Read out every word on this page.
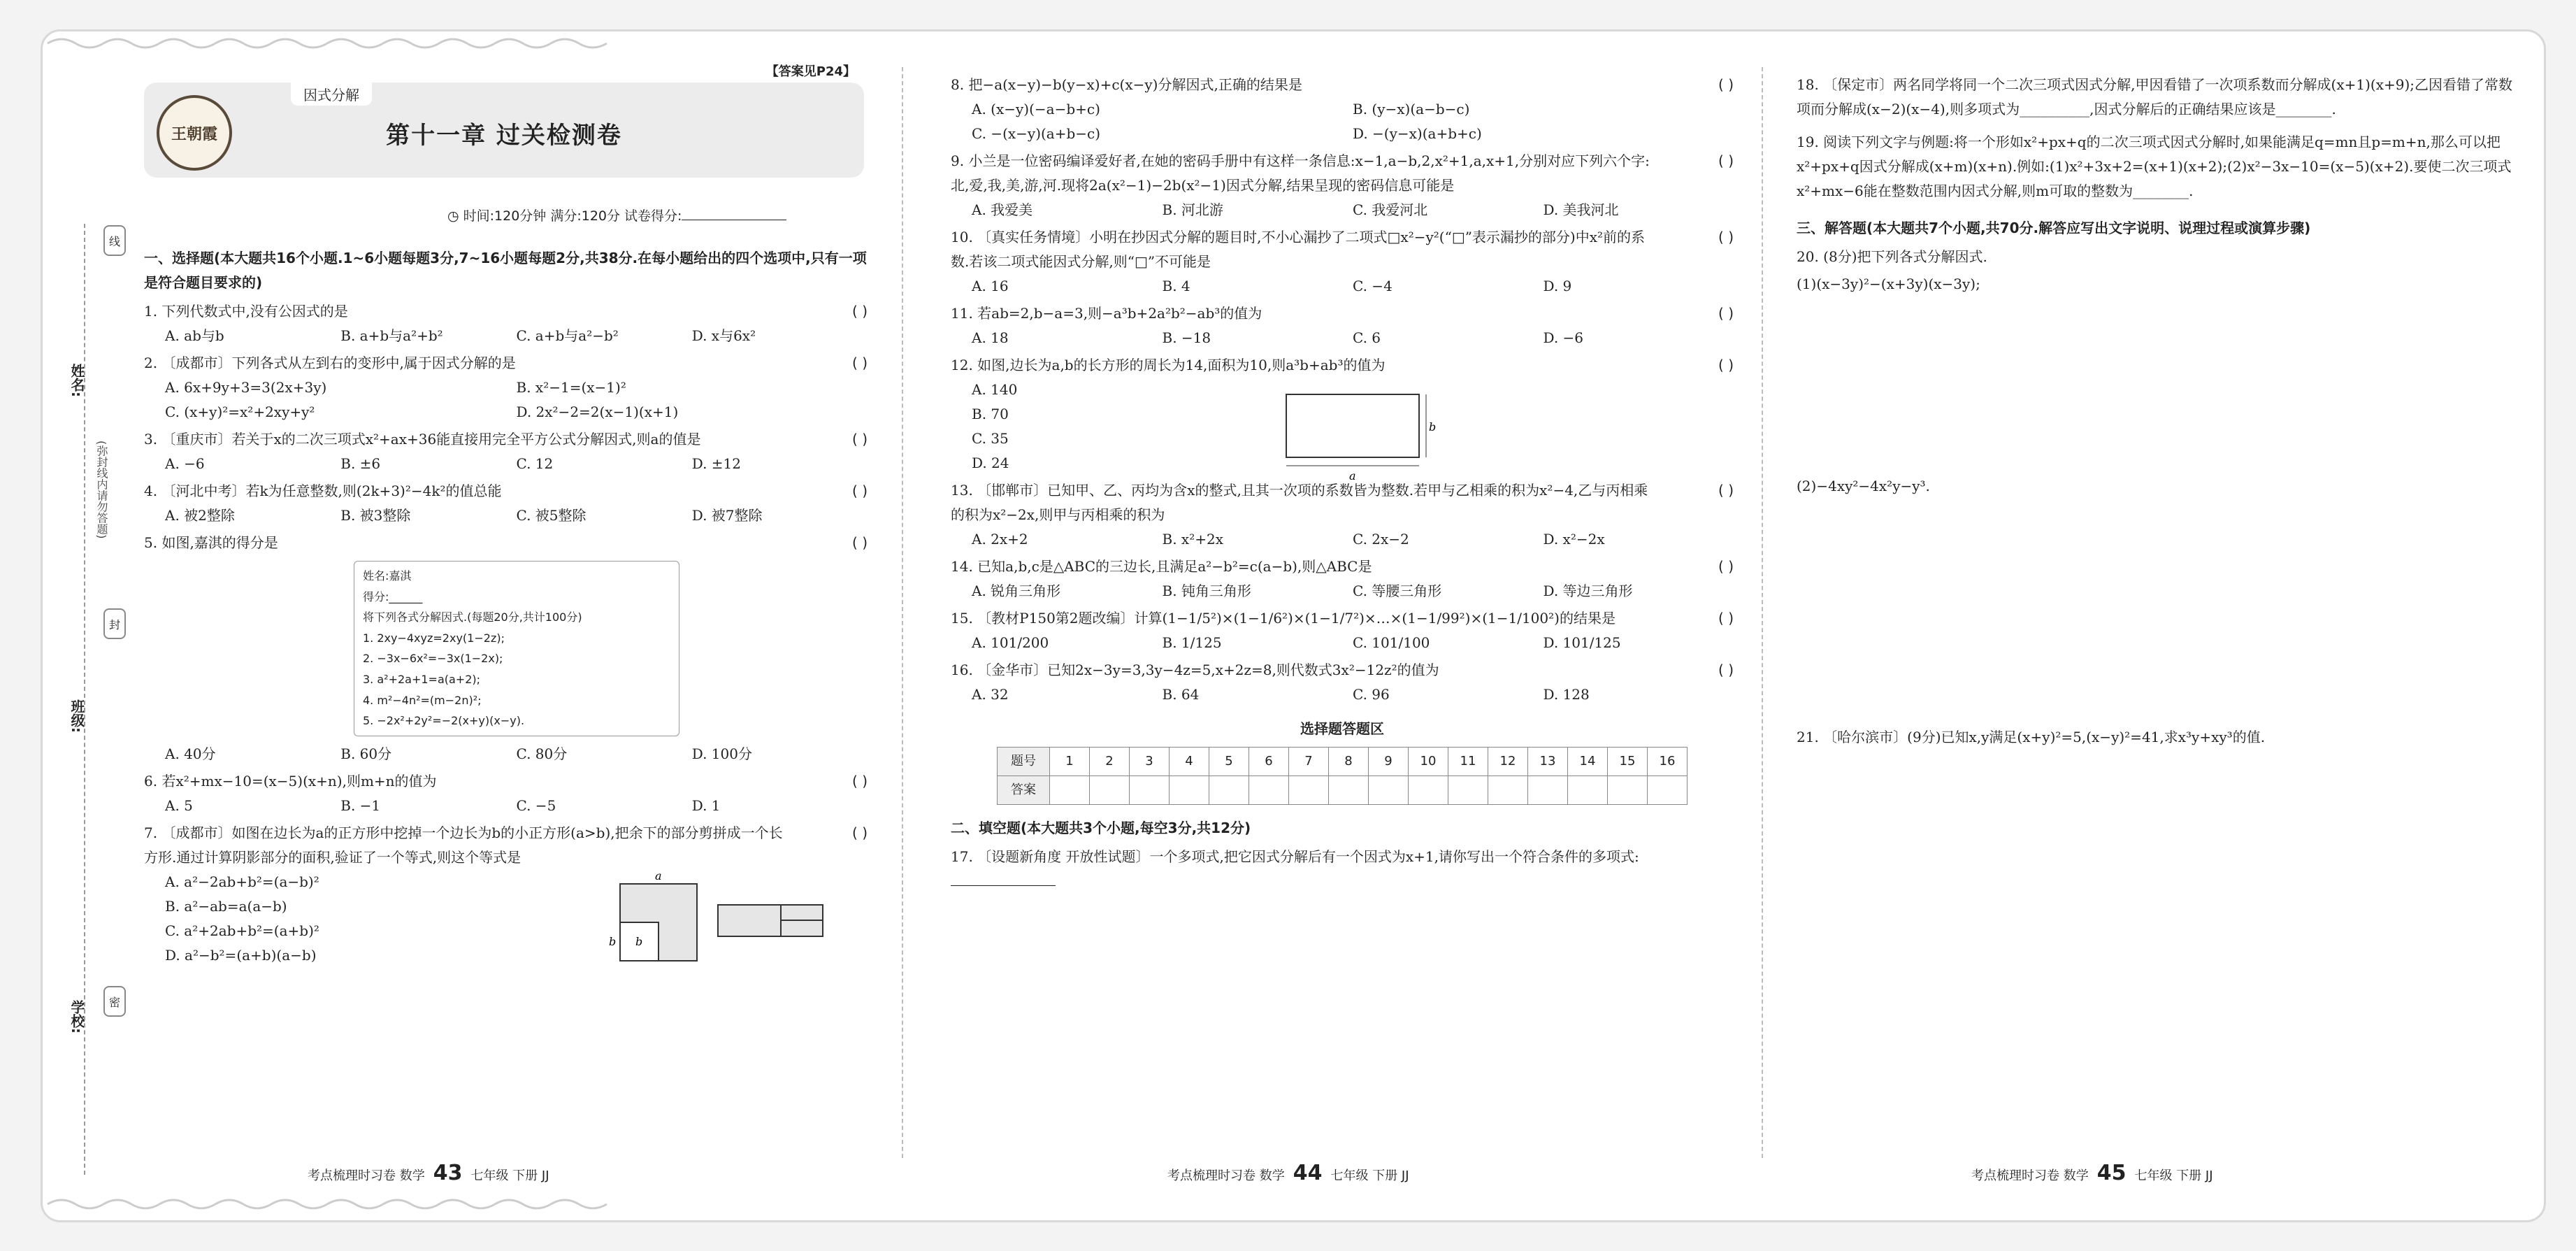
姓名:
班级:
学校:
线
封
密
(弥封线内请勿答题)
王朝霞
因式分解
【答案见P24】
第十一章 过关检测卷
◷ 时间:120分钟 满分:120分 试卷得分:
一、选择题(本大题共16个小题.1~6小题每题3分,7~16小题每题2分,共38分.在每小题给出的四个选项中,只有一项是符合题目要求的)
1. 下列代数式中,没有公因式的是	( )
A. ab与b	B. a+b与a²+b²	C. a+b与a²−b²	D. x与6x²
2. 〔成都市〕下列各式从左到右的变形中,属于因式分解的是	( )
A. 6x+9y+3=3(2x+3y)	B. x²−1=(x−1)²
C. (x+y)²=x²+2xy+y²	D. 2x²−2=2(x−1)(x+1)
3. 〔重庆市〕若关于x的二次三项式x²+ax+36能直接用完全平方公式分解因式,则a的值是	( )
A. −6	B. ±6	C. 12	D. ±12
4. 〔河北中考〕若k为任意整数,则(2k+3)²−4k²的值总能	( )
A. 被2整除	B. 被3整除	C. 被5整除	D. 被7整除
5. 如图,嘉淇的得分是	( )
姓名:嘉淇
得分:______
将下列各式分解因式.(每题20分,共计100分)
1. 2xy−4xyz=2xy(1−2z);
2. −3x−6x²=−3x(1−2x);
3. a²+2a+1=a(a+2);
4. m²−4n²=(m−2n)²;
5. −2x²+2y²=−2(x+y)(x−y).
A. 40分	B. 60分	C. 80分	D. 100分
6. 若x²+mx−10=(x−5)(x+n),则m+n的值为	( )
A. 5	B. −1	C. −5	D. 1
7. 〔成都市〕如图在边长为a的正方形中挖掉一个边长为b的小正方形(a>b),把余下的部分剪拼成一个长方形.通过计算阴影部分的面积,验证了一个等式,则这个等式是
( )
A. a²−2ab+b²=(a−b)²
B. a²−ab=a(a−b)
C. a²+2ab+b²=(a+b)²
D. a²−b²=(a+b)(a−b)
a
b b
8. 把−a(x−y)−b(y−x)+c(x−y)分解因式,正确的结果是	( )
A. (x−y)(−a−b+c)	B. (y−x)(a−b−c)
C. −(x−y)(a+b−c)	D. −(y−x)(a+b+c)
9. 小兰是一位密码编译爱好者,在她的密码手册中有这样一条信息:x−1,a−b,2,x²+1,a,x+1,分别对应下列六个字:北,爱,我,美,游,河.现将2a(x²−1)−2b(x²−1)因式分解,结果呈现的密码信息可能是
( )
A. 我爱美	B. 河北游	C. 我爱河北	D. 美我河北
10. 〔真实任务情境〕小明在抄因式分解的题目时,不小心漏抄了二项式□x²−y²(“□”表示漏抄的部分)中x²前的系数.若该二项式能因式分解,则“□”不可能是
( )
A. 16	B. 4	C. −4	D. 9
11. 若ab=2,b−a=3,则−a³b+2a²b²−ab³的值为	( )
A. 18	B. −18	C. 6	D. −6
12. 如图,边长为a,b的长方形的周长为14,面积为10,则a³b+ab³的值为	( )
A. 140
B. 70
C. 35
D. 24
b
a
13. 〔邯郸市〕已知甲、乙、丙均为含x的整式,且其一次项的系数皆为整数.若甲与乙相乘的积为x²−4,乙与丙相乘的积为x²−2x,则甲与丙相乘的积为
( )
A. 2x+2	B. x²+2x	C. 2x−2	D. x²−2x
14. 已知a,b,c是△ABC的三边长,且满足a²−b²=c(a−b),则△ABC是	( )
A. 锐角三角形	B. 钝角三角形	C. 等腰三角形	D. 等边三角形
15. 〔教材P150第2题改编〕计算(1−1/5²)×(1−1/6²)×(1−1/7²)×…×(1−1/99²)×(1−1/100²)的结果是	( )
A. 101/200	B. 1/125	C. 101/100	D. 101/125
16. 〔金华市〕已知2x−3y=3,3y−4z=5,x+2z=8,则代数式3x²−12z²的值为	( )
A. 32	B. 64	C. 96	D. 128
选择题答题区
题号	1	2	3	4	5	6	7	8	9	10	11	12	13	14	15	16
答案																
二、填空题(本大题共3个小题,每空3分,共12分)
17. 〔设题新角度 开放性试题〕一个多项式,把它因式分解后有一个因式为x+1,请你写出一个符合条件的多项式:
18. 〔保定市〕两名同学将同一个二次三项式因式分解,甲因看错了一次项系数而分解成(x+1)(x+9);乙因看错了常数项而分解成(x−2)(x−4),则多项式为__________,因式分解后的正确结果应该是________.
19. 阅读下列文字与例题:将一个形如x²+px+q的二次三项式因式分解时,如果能满足q=mn且p=m+n,那么可以把x²+px+q因式分解成(x+m)(x+n).例如:(1)x²+3x+2=(x+1)(x+2);(2)x²−3x−10=(x−5)(x+2).要使二次三项式x²+mx−6能在整数范围内因式分解,则m可取的整数为________.
三、解答题(本大题共7个小题,共70分.解答应写出文字说明、说理过程或演算步骤)
20. (8分)把下列各式分解因式.
(1)(x−3y)²−(x+3y)(x−3y);
(2)−4xy²−4x²y−y³.
21. 〔哈尔滨市〕(9分)已知x,y满足(x+y)²=5,(x−y)²=41,求x³y+xy³的值.
考点梳理时习卷 数学 43 七年级 下册 JJ	考点梳理时习卷 数学 44 七年级 下册 JJ	考点梳理时习卷 数学 45 七年级 下册 JJ
